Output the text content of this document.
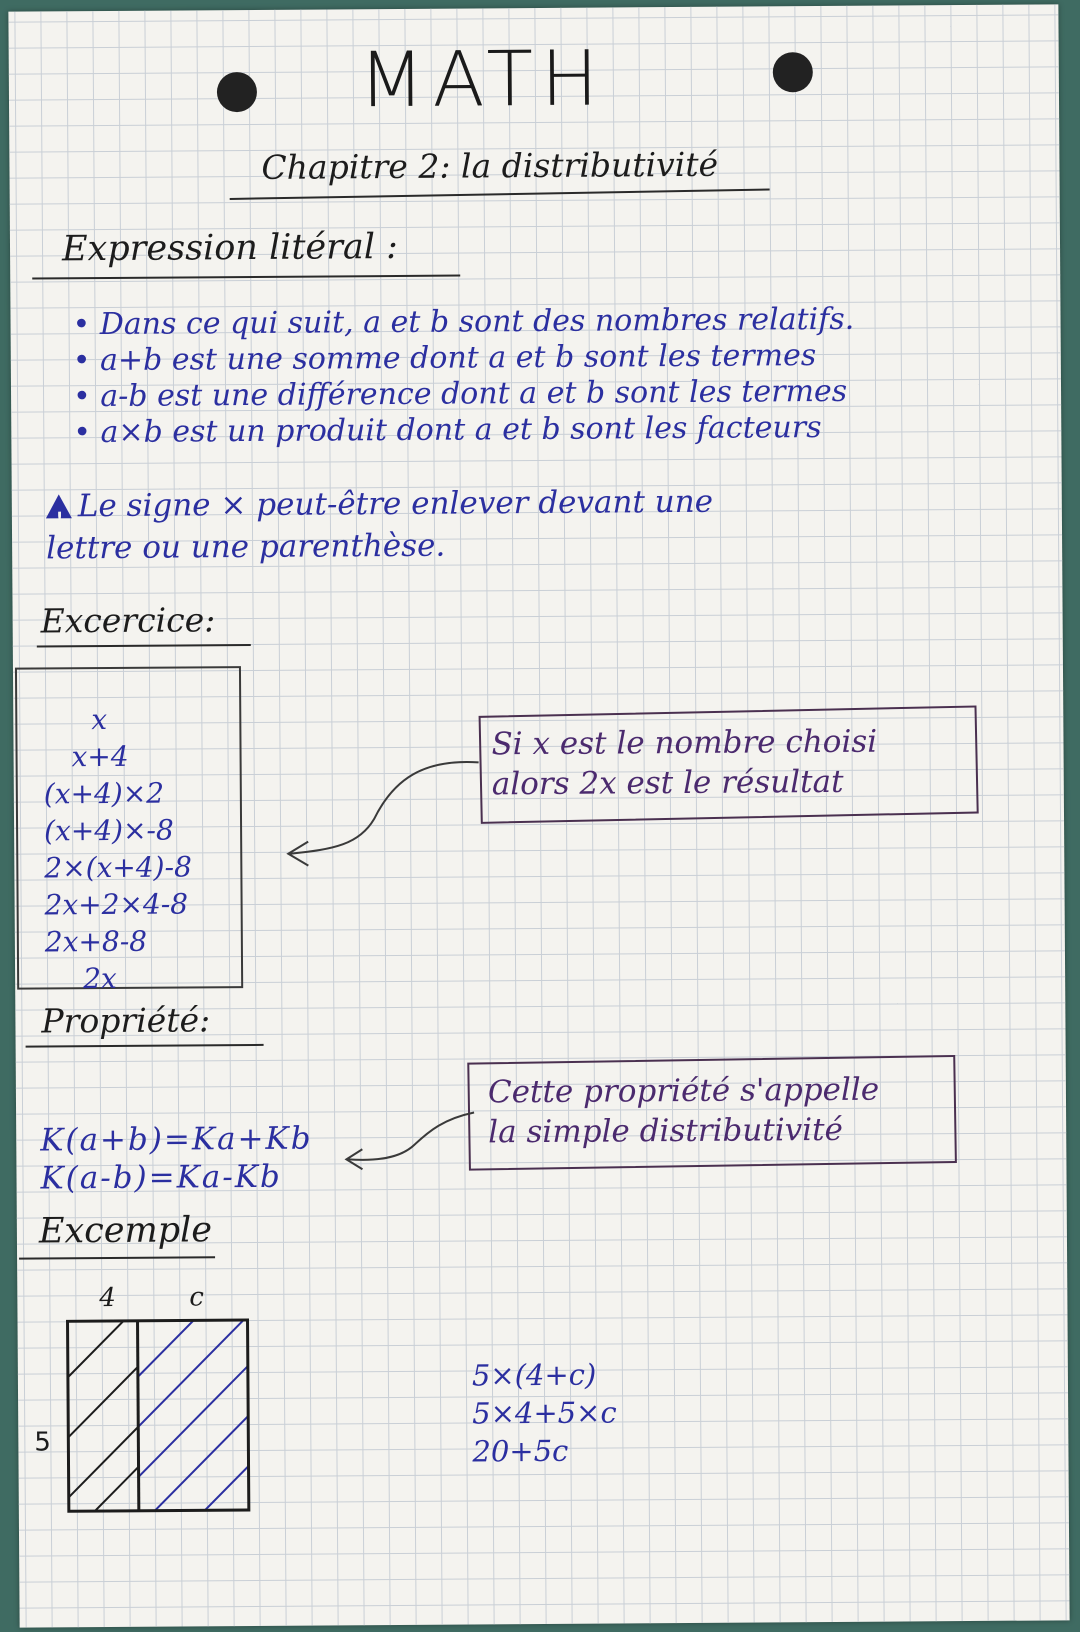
MATH
Chapitre 2: la distributivité
Expression litéral :
• Dans ce qui suit, a et b sont des nombres relatifs.
• a+b est une somme dont a et b sont les termes
• a-b est une différence dont a et b sont les termes
• a×b est un produit dont a et b sont les facteurs
! Le signe × peut-être enlever devant une
lettre ou une parenthèse.
Excercice:
x
x+4
(x+4)×2
(x+4)×-8
2×(x+4)-8
2x+2×4-8
2x+8-8
2x
Si x est le nombre choisi
alors 2x est le résultat
Propriété:
K(a+b)=Ka+Kb
K(a-b)=Ka-Kb
Cette propriété s'appelle
la simple distributivité
Excemple
4	c
5
5×(4+c)
5×4+5×c
20+5c
